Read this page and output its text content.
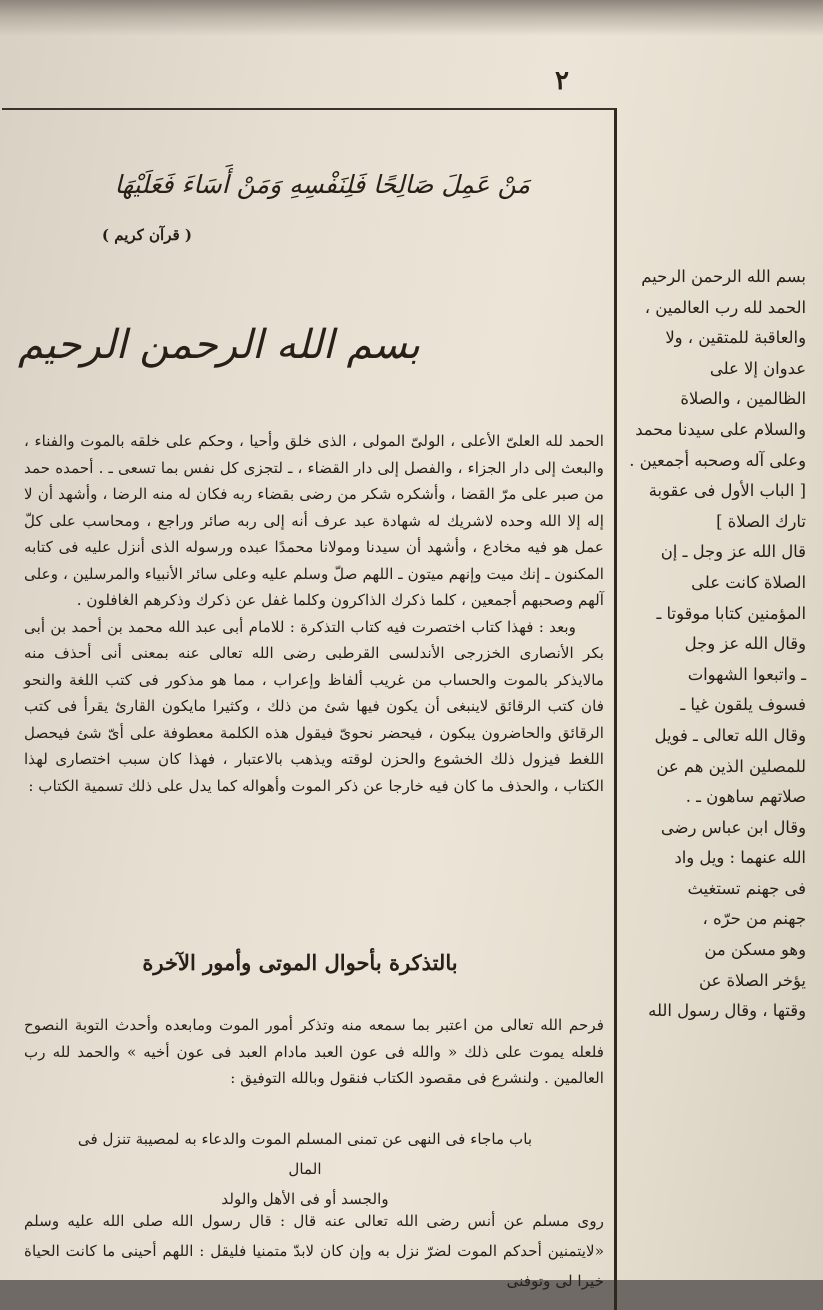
٢
مَنْ عَمِلَ صَالِحًا فَلِنَفْسِهِ وَمَنْ أَسَاءَ فَعَلَيْهَا
( قرآن كريم )
بسم الله الرحمن الرحيم

الحمد لله العلىّ الأعلى ، الولىّ المولى ، الذى خلق وأحيا ، وحكم على خلقه بالموت والفناء ، والبعث إلى دار الجزاء ، والفصل إلى دار القضاء ، ـ لتجزى كل نفس بما تسعى ـ . أحمده حمد من صبر على مرّ القضا ، وأشكره شكر من رضى بقضاء ربه فكان له منه الرضا ، وأشهد أن لا إله إلا الله وحده لاشريك له شهادة عبد عرف أنه إلى ربه صائر وراجع ، ومحاسب على كلّ عمل هو فيه مخادع ، وأشهد أن سيدنا ومولانا محمدًا عبده ورسوله الذى أنزل عليه فى كتابه المكنون ـ إنك ميت وإنهم ميتون ـ اللهم صلّ وسلم عليه وعلى سائر الأنبياء والمرسلين ، وعلى آلهم وصحبهم أجمعين ، كلما ذكرك الذاكرون وكلما غفل عن ذكرك وذكرهم الغافلون .

وبعد : فهذا كتاب اختصرت فيه كتاب التذكرة : للامام أبى عبد الله محمد بن أحمد بن أبى بكر الأنصارى الخزرجى الأندلسى القرطبى رضى الله تعالى عنه بمعنى أنى أحذف منه مالايذكر بالموت والحساب من غريب ألفاظ وإعراب ، مما هو مذكور فى كتب اللغة والنحو فان كتب الرقائق لاينبغى أن يكون فيها شئ من ذلك ، وكثيرا مايكون القارئ يقرأ فى كتب الرقائق والحاضرون يبكون ، فيحضر نحوىّ فيقول هذه الكلمة معطوفة على أىّ شئ فيحصل اللغط فيزول ذلك الخشوع والحزن لوقته ويذهب بالاعتبار ، فهذا كان سبب اختصارى لهذا الكتاب ، والحذف ما كان فيه خارجا عن ذكر الموت وأهواله كما يدل على ذلك تسمية الكتاب :

بالتذكرة بأحوال الموتى وأمور الآخرة

فرحم الله تعالى من اعتبر بما سمعه منه وتذكر أمور الموت ومابعده وأحدث التوبة النصوح فلعله يموت على ذلك « والله فى عون العبد مادام العبد فى عون أخيه » والحمد لله رب العالمين . ولنشرع فى مقصود الكتاب فنقول وبالله التوفيق :

باب ماجاء فى النهى عن تمنى المسلم الموت والدعاء به لمصيبة تنزل فى المال
والجسد أو فى الأهل والولد
روى مسلم عن أنس رضى الله تعالى عنه قال : قال رسول الله صلى الله عليه وسلم «لايتمنين أحدكم الموت لضرّ نزل به وإن كان لابدّ متمنيا فليقل : اللهم أحينى ما كانت الحياة خيرا لى وتوفنى
بسم الله الرحمن الرحيم
الحمد لله رب العالمين ،
والعاقبة للمتقين ، ولا
عدوان إلا على
الظالمين ، والصلاة
والسلام على سيدنا محمد
وعلى آله وصحبه أجمعين .
[ الباب الأول فى عقوبة
تارك الصلاة ]
قال الله عز وجل ـ إن
الصلاة كانت على
المؤمنين كتابا موقوتا ـ
وقال الله عز وجل
ـ واتبعوا الشهوات
فسوف يلقون غيا ـ
وقال الله تعالى ـ فويل
للمصلين الذين هم عن
صلاتهم ساهون ـ .
وقال ابن عباس رضى
الله عنهما : ويل واد
فى جهنم تستغيث
جهنم من حرّه ،
وهو مسكن من
يؤخر الصلاة عن
وقتها ، وقال رسول الله
